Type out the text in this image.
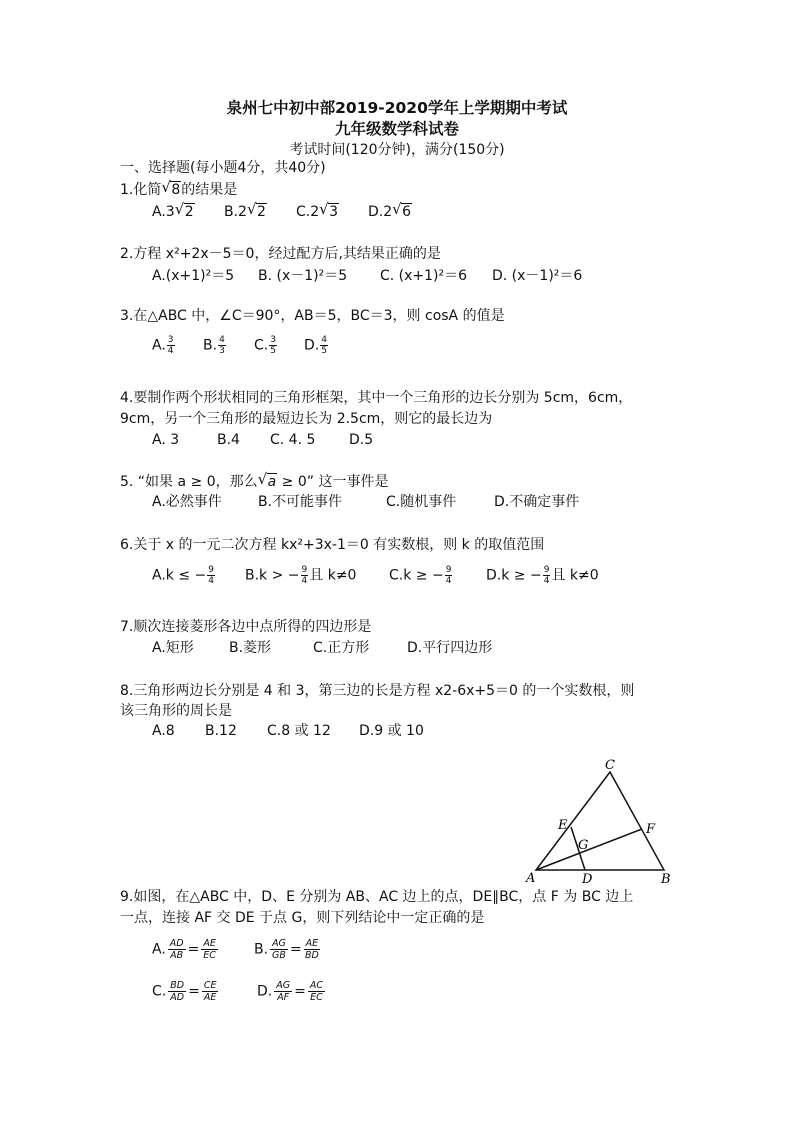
泉州七中初中部2019-2020学年上学期期中考试
九年级数学科试卷
考试时间(120分钟)，满分(150分)
一、选择题(每小题4分，共40分)
1.化简 √ 8的结果是
A.3 √ 2 B.2 √ 2 C.2 √ 3 D.2 √ 6
2.方程 x²+2x－5＝0，经过配方后,其结果正确的是
A.(x+1)²＝5 B. (x－1)²＝5 C. (x+1)²＝6 D. (x－1)²＝6
3.在△ABC 中，∠C＝90°，AB＝5，BC＝3，则 cosA 的值是
A. $\frac{3}{4} B$. $\frac{4}{3} C$. $\frac{3}{5} D$. $\frac{4}{5}$
4.要制作两个形状相同的三角形框架，其中一个三角形的边长分别为 5cm，6cm，
9cm，另一个三角形的最短边长为 2.5cm，则它的最长边为
A. 3	B.4 C. 4. 5 D.5
5. “如果 a ≥ 0，那么 √ a ≥ 0” 这一事件是
A.必然事件	B.不可能事件	C.随机事件	D.不确定事件
6.关于 x 的一元二次方程 kx²+3x-1＝0 有实数根，则 k 的取值范围
A.k ≤ − $\frac{9}{4} B.k$ > − $\frac{9}{4}$ 且 k≠0 C.k ≥ − $\frac{9}{4} D.k$ ≥ − $\frac{9}{4}$ 且 k≠0
7.顺次连接菱形各边中点所得的四边形是
A.矩形	B.菱形	C.正方形	D.平行四边形
8.三角形两边长分别是 4 和 3，第三边的长是方程 x2-6x+5＝0 的一个实数根，则
该三角形的周长是
A.8 B.12 C.8 或 12 D.9 或 10
A	B
C
D
E	F
G
9.如图，在△ABC 中，D、E 分别为 AB、AC 边上的点，DE∥BC，点 F 为 BC 边上
一点，连接 AF 交 DE 于点 G，则下列结论中一定正确的是
A. $\frac{AD}{AB} = \frac{AE}{EC}$	B. $\frac{AG}{GB} = \frac{AE}{BD}$
C. $\frac{BD}{AD} = \frac{CE}{AE}$	D. $\frac{AG}{AF} = \frac{AC}{EC}$
